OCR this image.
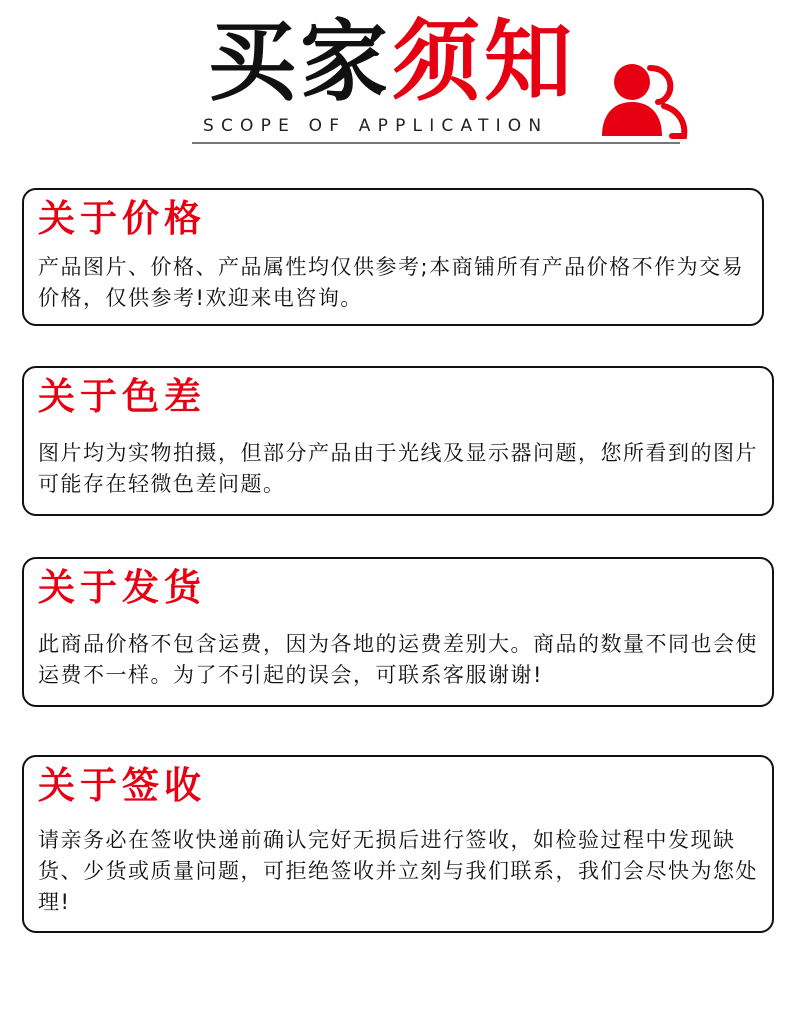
买家须知
SCOPE OF APPLICATION
关于价格
产品图片、价格、产品属性均仅供参考;本商铺所有产品价格不作为交易价格，仅供参考!欢迎来电咨询。
关于色差
图片均为实物拍摄，但部分产品由于光线及显示器问题，您所看到的图片可能存在轻微色差问题。
关于发货
此商品价格不包含运费，因为各地的运费差别大。商品的数量不同也会使运费不一样。为了不引起的误会，可联系客服谢谢!
关于签收
请亲务必在签收快递前确认完好无损后进行签收，如检验过程中发现缺货、少货或质量问题，可拒绝签收并立刻与我们联系，我们会尽快为您处理!
